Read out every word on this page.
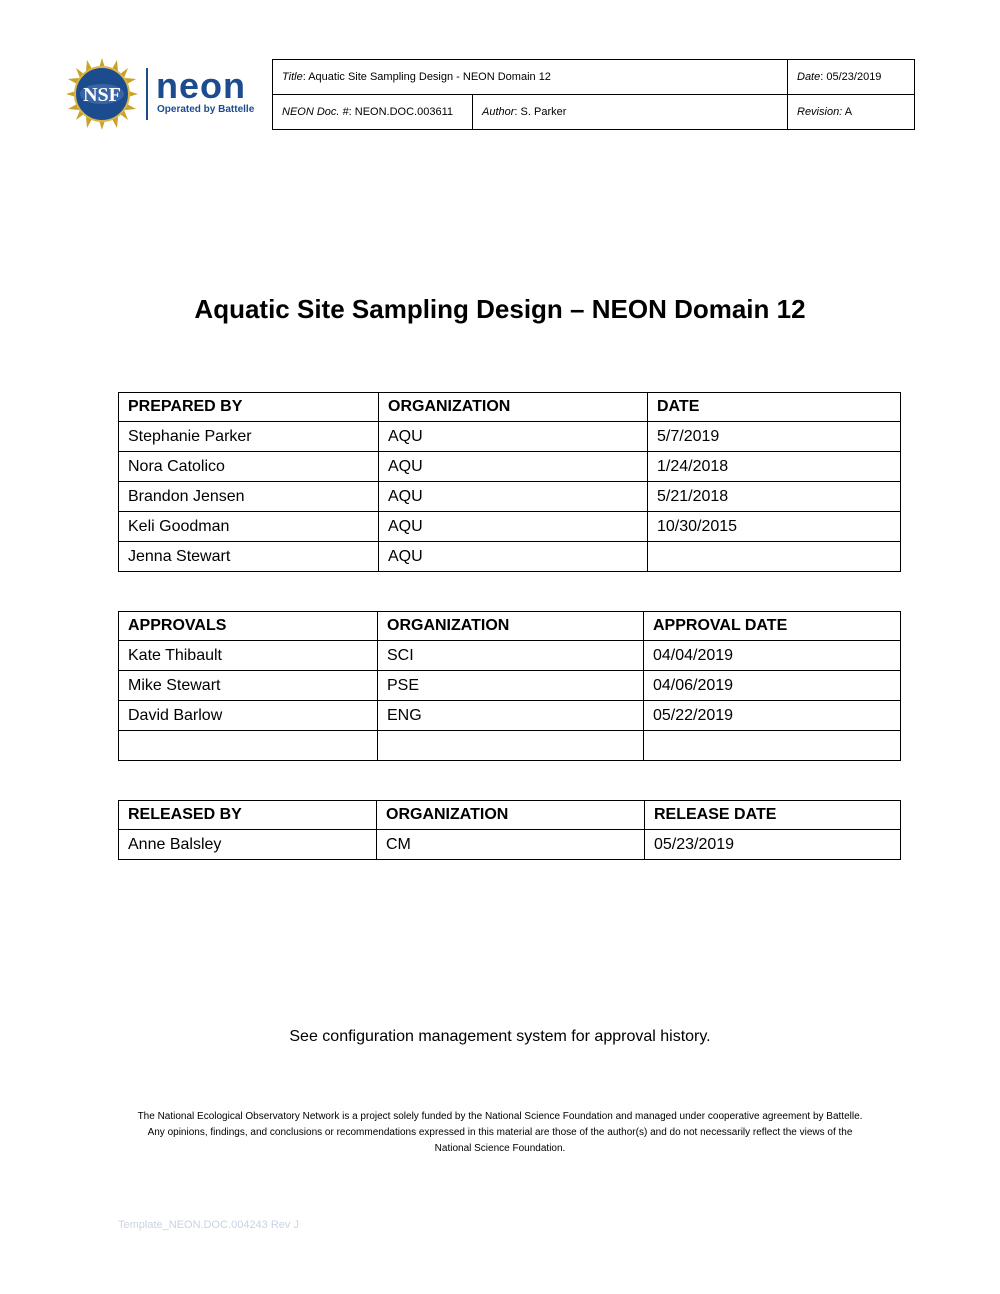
NSF neon
Operated by Battelle
Title: Aquatic Site Sampling Design - NEON Domain 12		Date: 05/23/2019
NEON Doc. #: NEON.DOC.003611	Author: S. Parker	Revision: A
Aquatic Site Sampling Design – NEON Domain 12
PREPARED BY	ORGANIZATION	DATE
Stephanie Parker	AQU	5/7/2019
Nora Catolico	AQU	1/24/2018
Brandon Jensen	AQU	5/21/2018
Keli Goodman	AQU	10/30/2015
Jenna Stewart	AQU	
APPROVALS	ORGANIZATION	APPROVAL DATE
Kate Thibault	SCI	04/04/2019
Mike Stewart	PSE	04/06/2019
David Barlow	ENG	05/22/2019

RELEASED BY	ORGANIZATION	RELEASE DATE
Anne Balsley	CM	05/23/2019
See configuration management system for approval history.
The National Ecological Observatory Network is a project solely funded by the National Science Foundation and managed under cooperative agreement by Battelle.
Any opinions, findings, and conclusions or recommendations expressed in this material are those of the author(s) and do not necessarily reflect the views of the
National Science Foundation.
Template_NEON.DOC.004243 Rev J
